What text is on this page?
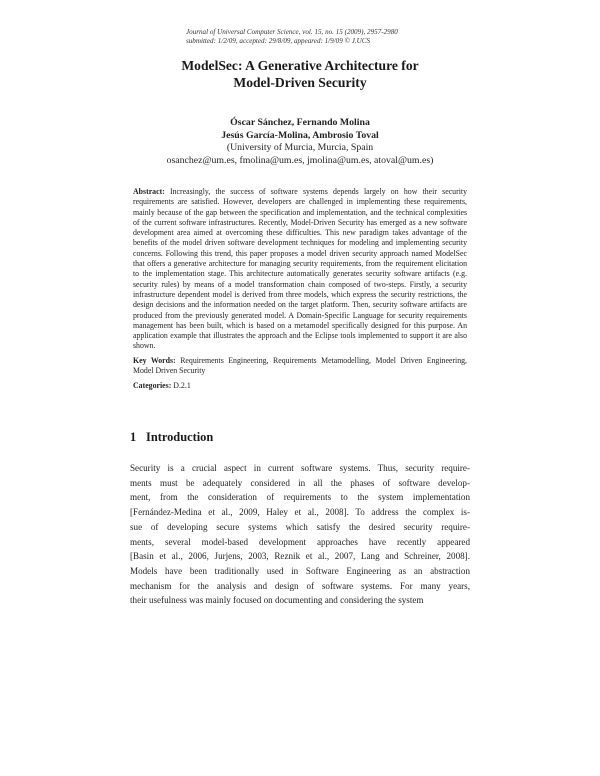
Journal of Universal Computer Science, vol. 15, no. 15 (2009), 2957-2980
submitted: 1/2/09, accepted: 29/8/09, appeared: 1/9/09 © J.UCS
ModelSec: A Generative Architecture for
Model-Driven Security
Óscar Sánchez, Fernando Molina
Jesús García-Molina, Ambrosio Toval
(University of Murcia, Murcia, Spain
osanchez@um.es, fmolina@um.es, jmolina@um.es, atoval@um.es)

Abstract: Increasingly, the success of software systems depends largely on how their security requirements are satisfied. However, developers are challenged in implementing these requirements, mainly because of the gap between the specification and implementation, and the technical complexities of the current software infrastructures. Recently, Model-Driven Security has emerged as a new software development area aimed at overcoming these difficulties. This new paradigm takes advantage of the benefits of the model driven software development techniques for modeling and implementing security concerns. Following this trend, this paper proposes a model driven security approach named ModelSec that offers a generative architecture for managing security requirements, from the requirement elicitation to the implementation stage. This architecture automatically generates security software artifacts (e.g. security rules) by means of a model transformation chain composed of two-steps. Firstly, a security infrastructure dependent model is derived from three models, which express the security restrictions, the design decisions and the information needed on the target platform. Then, security software artifacts are produced from the previously generated model. A Domain-Specific Language for security requirements management has been built, which is based on a metamodel specifically designed for this purpose. An application example that illustrates the approach and the Eclipse tools implemented to support it are also shown.

Key Words: Requirements Engineering, Requirements Metamodelling, Model Driven Engineering, Model Driven Security

Categories: D.2.1

1 Introduction
Security is a crucial aspect in current software systems. Thus, security require-
ments must be adequately considered in all the phases of software develop-
ment, from the consideration of requirements to the system implementation
[Fernández-Medina et al., 2009, Haley et al., 2008]. To address the complex is-
sue of developing secure systems which satisfy the desired security require-
ments, several model-based development approaches have recently appeared
[Basin et al., 2006, Jurjens, 2003, Reznik et al., 2007, Lang and Schreiner, 2008].
Models have been traditionally used in Software Engineering as an abstraction
mechanism for the analysis and design of software systems. For many years,
their usefulness was mainly focused on documenting and considering the system
